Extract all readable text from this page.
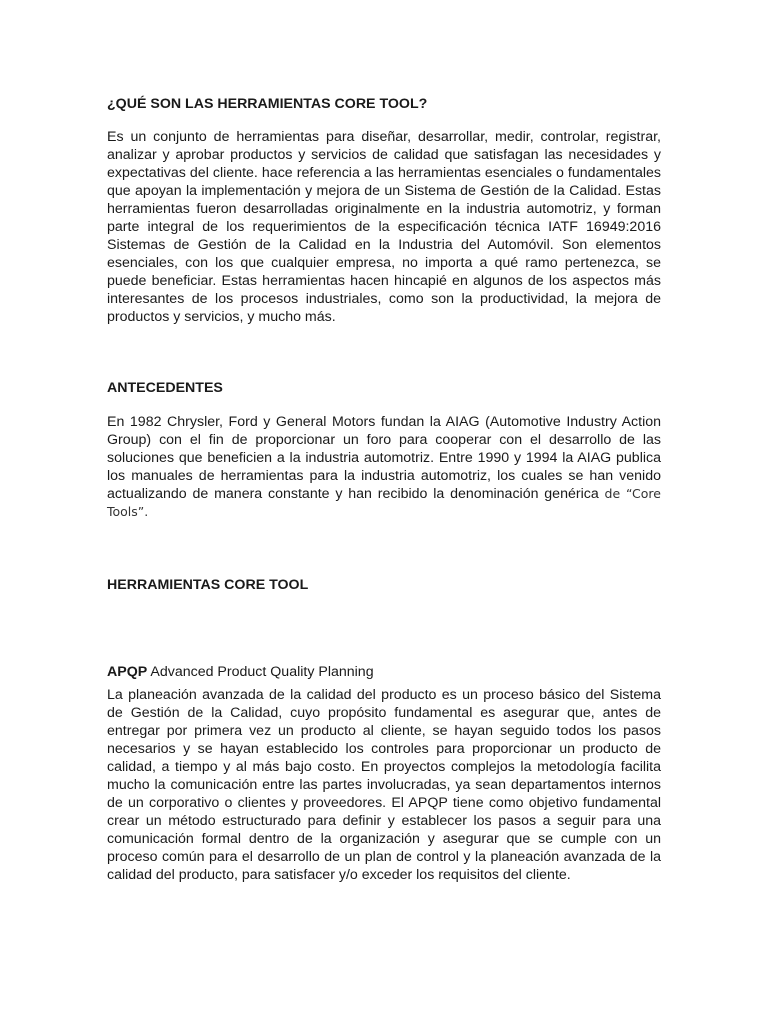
¿QUÉ SON LAS HERRAMIENTAS CORE TOOL?

Es un conjunto de herramientas para diseñar, desarrollar, medir, controlar, registrar, analizar y aprobar productos y servicios de calidad que satisfagan las necesidades y expectativas del cliente. hace referencia a las herramientas esenciales o fundamentales que apoyan la implementación y mejora de un Sistema de Gestión de la Calidad. Estas herramientas fueron desarrolladas originalmente en la industria automotriz, y forman parte integral de los requerimientos de la especificación técnica IATF 16949:2016 Sistemas de Gestión de la Calidad en la Industria del Automóvil. Son elementos esenciales, con los que cualquier empresa, no importa a qué ramo pertenezca, se puede beneficiar. Estas herramientas hacen hincapié en algunos de los aspectos más interesantes de los procesos industriales, como son la productividad, la mejora de productos y servicios, y mucho más.

ANTECEDENTES

En 1982 Chrysler, Ford y General Motors fundan la AIAG (Automotive Industry Action Group) con el fin de proporcionar un foro para cooperar con el desarrollo de las soluciones que beneficien a la industria automotriz. Entre 1990 y 1994 la AIAG publica los manuales de herramientas para la industria automotriz, los cuales se han venido actualizando de manera constante y han recibido la denominación genérica de “Core Tools”.

HERRAMIENTAS CORE TOOL

APQP Advanced Product Quality Planning

La planeación avanzada de la calidad del producto es un proceso básico del Sistema de Gestión de la Calidad, cuyo propósito fundamental es asegurar que, antes de entregar por primera vez un producto al cliente, se hayan seguido todos los pasos necesarios y se hayan establecido los controles para proporcionar un producto de calidad, a tiempo y al más bajo costo. En proyectos complejos la metodología facilita mucho la comunicación entre las partes involucradas, ya sean departamentos internos de un corporativo o clientes y proveedores. El APQP tiene como objetivo fundamental crear un método estructurado para definir y establecer los pasos a seguir para una comunicación formal dentro de la organización y asegurar que se cumple con un proceso común para el desarrollo de un plan de control y la planeación avanzada de la calidad del producto, para satisfacer y/o exceder los requisitos del cliente.
